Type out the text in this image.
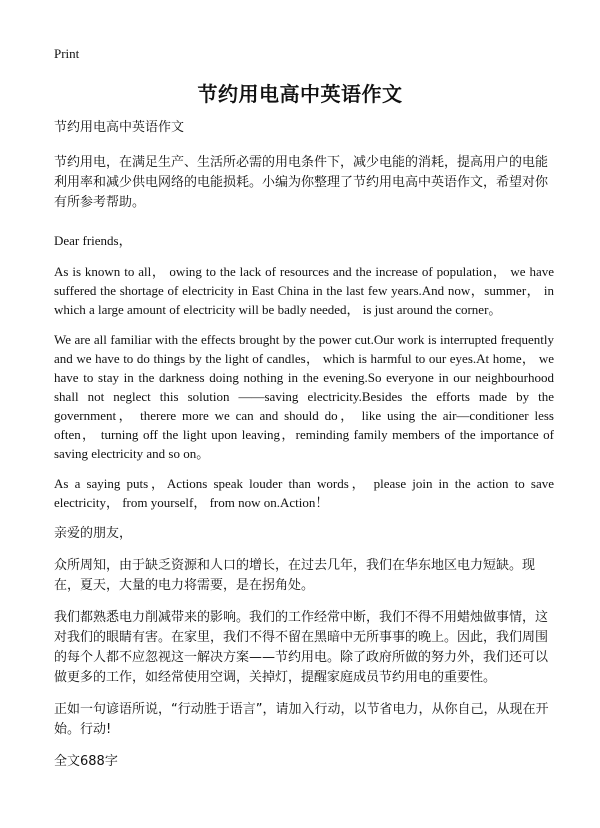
Print
节约用电高中英语作文

节约用电高中英语作文

节约用电，在满足生产、生活所必需的用电条件下，减少电能的消耗，提高用户的电能利用率和减少供电网络的电能损耗。小编为你整理了节约用电高中英语作文，希望对你有所参考帮助。

Dear friends，

As is known to all， owing to the lack of resources and the increase of population， we have suffered the shortage of electricity in East China in the last few years.And now，summer， in which a large amount of electricity will be badly needed， is just around the corner。

We are all familiar with the effects brought by the power cut.Our work is interrupted frequently and we have to do things by the light of candles， which is harmful to our eyes.At home， we have to stay in the darkness doing nothing in the evening.So everyone in our neighbourhood shall not neglect this solution ——saving electricity.Besides the efforts made by the government， therere more we can and should do， like using the air—conditioner less often， turning off the light upon leaving，reminding family members of the importance of saving electricity and so on。

As a saying puts，Actions speak louder than words， please join in the action to save electricity， from yourself， from now on.Action！

亲爱的朋友，

众所周知，由于缺乏资源和人口的增长，在过去几年，我们在华东地区电力短缺。现在，夏天，大量的电力将需要，是在拐角处。

我们都熟悉电力削减带来的影响。我们的工作经常中断，我们不得不用蜡烛做事情，这对我们的眼睛有害。在家里，我们不得不留在黑暗中无所事事的晚上。因此，我们周围的每个人都不应忽视这一解决方案——节约用电。除了政府所做的努力外，我们还可以做更多的工作，如经常使用空调，关掉灯，提醒家庭成员节约用电的重要性。

正如一句谚语所说，“行动胜于语言”，请加入行动，以节省电力，从你自己，从现在开始。行动!

全文688字
